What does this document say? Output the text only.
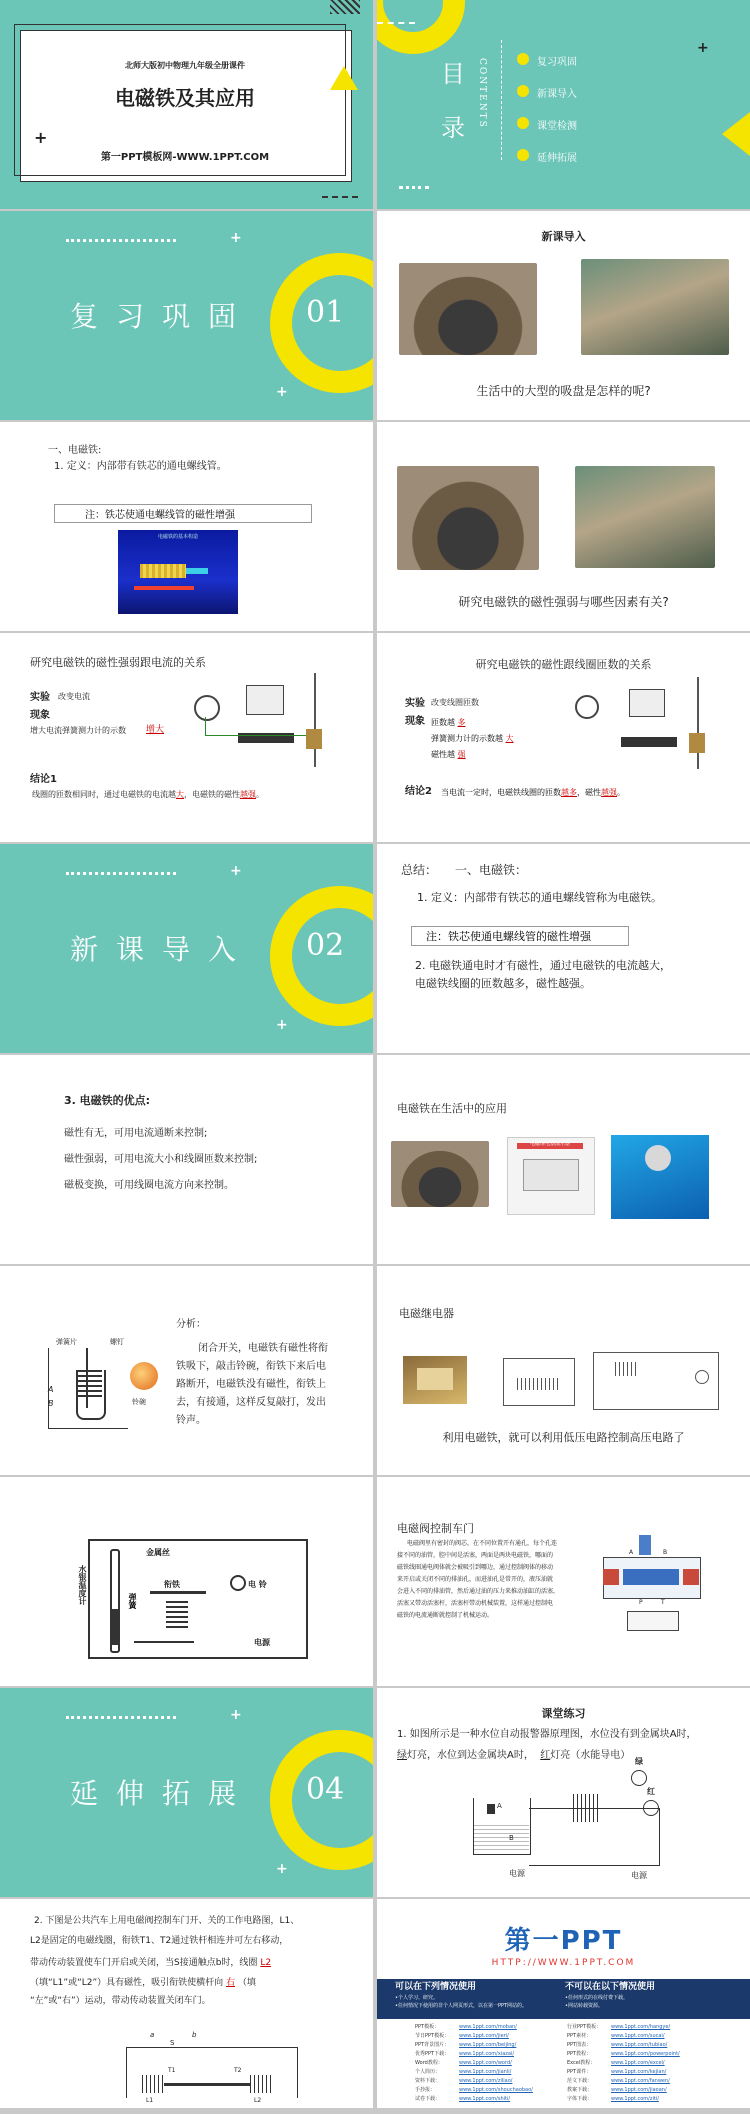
北师大版初中物理九年级全册课件
电磁铁及其应用
第一PPT模板网-WWW.1PPT.COM
+
目
录	CONTENTS	复习巩固
新课导入
课堂检测
延伸拓展
+
+
+
复习巩固 01
新课导入
生活中的大型的吸盘是怎样的呢?
一、电磁铁:
1. 定义：内部带有铁芯的通电螺线管。
注：铁芯使通电螺线管的磁性增强
电磁铁的基本构造
研究电磁铁的磁性强弱与哪些因素有关?
研究电磁铁的磁性强弱跟电流的关系
实验 改变电流
现象
增大电流弹簧测力计的示数 增大
结论1
线圈的匝数相同时，通过电磁铁的电流越大，电磁铁的磁性越强。
研究电磁铁的磁性跟线圈匝数的关系
实验 改变线圈匝数
现象 匝数越 多
弹簧测力计的示数越 大
磁性越 强
结论2 当电流一定时，电磁铁线圈的匝数越多，磁性越强。
+
+
新课导入 02
总结： 一、电磁铁：
1. 定义：内部带有铁芯的通电螺线管称为电磁铁。
注：铁芯使通电螺线管的磁性增强
2. 电磁铁通电时才有磁性，通过电磁铁的电流越大，
电磁铁线圈的匝数越多，磁性越强。
3. 电磁铁的优点:
磁性有无，可用电流通断来控制;
磁性强弱，可用电流大小和线圈匝数来控制;
磁极变换，可用线圈电流方向来控制。
电磁铁在生活中的应用
电磁继电器演示器
分析：
闭合开关，电磁铁有磁性将衔
铁吸下，敲击铃碗，衔铁下来后电
路断开，电磁铁没有磁性，衔铁上
去，有接通，这样反复敲打，发出
铃声。
弹簧片	螺钉
铃碗
A
B
电磁继电器
利用电磁铁，就可以利用低压电路控制高压电路了
水银温度计
金属丝
衔铁	电 铃
弹簧
电源
电磁阀控制车门
电磁阀里有密封的阀芯，在不同位置开有通孔，每个孔连
接不同的油管，腔中间是活塞，两面是两块电磁铁，哪面的
磁铁线圈通电阀体就会被吸引到哪边，通过控制阀体的移动
来开启或关闭不同的排油孔，而进油孔是常开的，液压油就
会进入不同的排油管，然后通过油的压力来推动油缸的活塞，
活塞又带动活塞杆，活塞杆带动机械装置，这样通过控制电
磁铁的电流通断就控制了机械运动。
A	B
P	T
+
+
延伸拓展 04
课堂练习
1. 如图所示是一种水位自动报警器原理图，水位没有到金属块A时，
绿灯亮，水位到达金属块A时， 红灯亮（水能导电）
A
B
绿
红
电源	电源
2. 下图是公共汽车上用电磁阀控制车门开、关的工作电路图，L1、
L2是固定的电磁线圈，衔铁T1、T2通过铁杆相连并可左右移动，
带动传动装置使车门开启或关闭，当S接通触点b时，线圈 L2
（填“L1”或“L2”）具有磁性，吸引衔铁使横杆向 右 （填
“左”或“右”）运动，带动传动装置关闭车门。
a	b
S
L1	L2
T1	T2
第一PPT
HTTP://WWW.1PPT.COM
可以在下列情况使用	不可以在以下情况使用
•个人学习、研究。
•任何情况下使用的非个人网页形式，以在第一PPT网站的。
•任何形式的在线付费下载。
•网站转载资源。
PPT模板：	www.1ppt.com/moban/
节日PPT模板： www.1ppt.com/jieri/
PPT背景图片： www.1ppt.com/beijing/
优秀PPT下载： www.1ppt.com/xiazai/
Word教程：	www.1ppt.com/word/
个人简历：	www.1ppt.com/jianli/
资料下载：	www.1ppt.com/ziliao/
手抄报：	www.1ppt.com/shouchaobao/
试卷下载：	www.1ppt.com/shiti/
行业PPT模板： www.1ppt.com/hangye/
PPT素材：	www.1ppt.com/sucai/
PPT图表：	www.1ppt.com/tubiao/
PPT教程：	www.1ppt.com/powerpoint/
Excel教程：	www.1ppt.com/excel/
PPT课件：	www.1ppt.com/kejian/
范文下载：	www.1ppt.com/fanwen/
教案下载：	www.1ppt.com/jiaoan/
字体下载：	www.1ppt.com/ziti/
